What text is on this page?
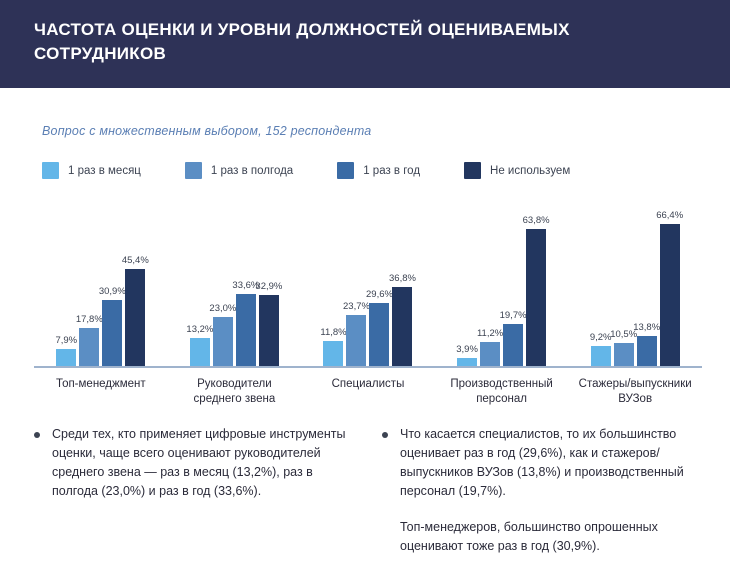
ЧАСТОТА ОЦЕНКИ И УРОВНИ ДОЛЖНОСТЕЙ ОЦЕНИВАЕМЫХ СОТРУДНИКОВ
Вопрос с множественным выбором, 152 респондента
1 раз в месяц	1 раз в полгода	1 раз в год	Не используем
7,9%
17,8%
30,9%
45,4%
13,2%
23,0%
33,6%
32,9%
11,8%
23,7%
29,6%
36,8%
3,9%
11,2%
19,7%
63,8%
9,2%
10,5%
13,8%
66,4%
Топ-менеджмент	Руководители
среднего звена
Специалисты	Производственный
персонал
Стажеры/выпускники
ВУЗов

Среди тех, кто применяет цифровые инструменты оценки, чаще всего оценивают руководителей среднего звена — раз в месяц (13,2%), раз в полгода (23,0%) и раз в год (33,6%).

Что касается специалистов, то их большинство оценивает раз в год (29,6%), как и стажеров/выпускников ВУЗов (13,8%) и производственный персонал (19,7%).

Топ-менеджеров, большинство опрошенных оценивают тоже раз в год (30,9%).
